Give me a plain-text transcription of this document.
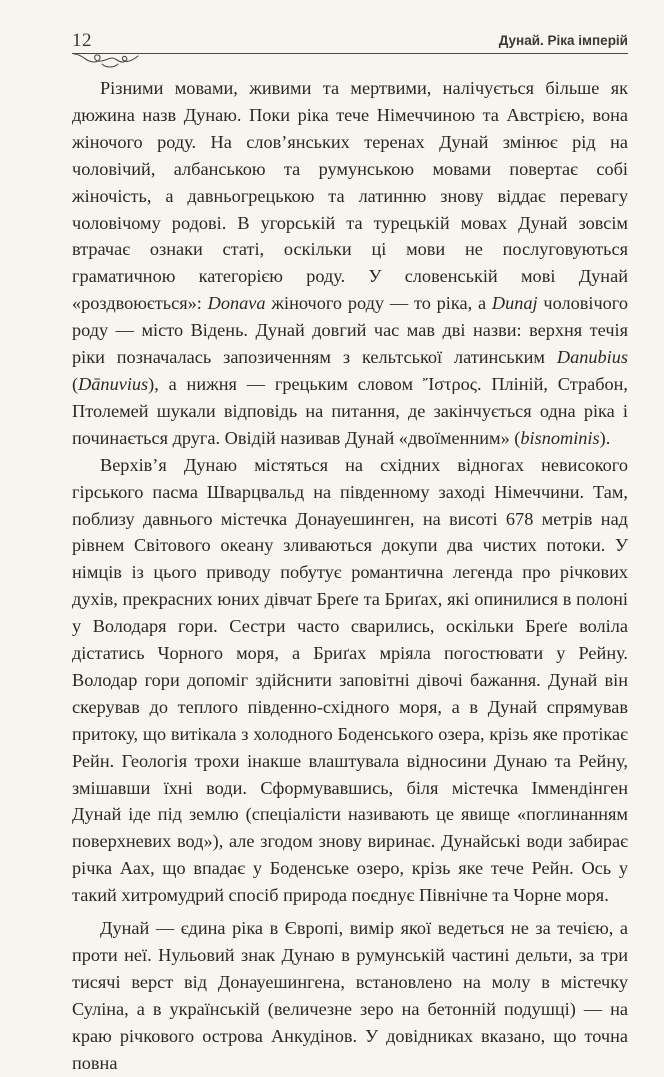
12	Дунай. Ріка імперій

Різними мовами, живими та мертвими, налічується більше як дюжина назв Дунаю. Поки ріка тече Німеччиною та Австрією, вона жіночого роду. На слов’янських теренах Дунай змінює рід на чоловічий, албанською та румунською мовами повертає собі жіночість, а давньогрецькою та латинню знову віддає перевагу чоловічому родові. В угорській та турецькій мовах Дунай зовсім втрачає ознаки статі, оскільки ці мови не послуговуються граматичною категорією роду. У словенській мові Дунай «роздвоюється»: Donava жіночого роду — то ріка, а Dunaj чоловічого роду — місто Відень. Дунай довгий час мав дві назви: верхня течія ріки позначалась запозиченням з кельтської латинським Danubius (Dānuvius), а нижня — грецьким словом Ἴστρος. Пліній, Страбон, Птолемей шукали відповідь на питання, де закінчується одна ріка і починається друга. Овідій називав Дунай «двоїменним» (bisnominis).

Верхів’я Дунаю містяться на східних відногах невисокого гірського пасма Шварцвальд на південному заході Німеччини. Там, поблизу давнього містечка Донауешинген, на висоті 678 метрів над рівнем Світового океану зливаються докупи два чистих потоки. У німців із цього приводу побутує романтична легенда про річкових духів, прекрасних юних дівчат Бреґе та Бриґах, які опинилися в полоні у Володаря гори. Сестри часто сварились, оскільки Бреґе воліла дістатись Чорного моря, а Бриґах мріяла погостювати у Рейну. Володар гори допоміг здійснити заповітні дівочі бажання. Дунай він скерував до теплого південно-східного моря, а в Дунай спрямував притоку, що витікала з холодного Боденського озера, крізь яке протікає Рейн. Геологія трохи інакше влаштувала відносини Дунаю та Рейну, змішавши їхні води. Сформувавшись, біля містечка Іммендінген Дунай іде під землю (спеціалісти називають це явище «поглинанням поверхневих вод»), але згодом знову виринає. Дунайські води забирає річка Аах, що впадає у Боденське озеро, крізь яке тече Рейн. Ось у такий хитромудрий спосіб природа поєднує Північне та Чорне моря.

Дунай — єдина ріка в Європі, вимір якої ведеться не за течією, а проти неї. Нульовий знак Дунаю в румунській частині дельти, за три тисячі верст від Донауешингена, встановлено на молу в містечку Суліна, а в українській (величезне зеро на бетонній подушці) — на краю річкового острова Анкудінов. У довідниках вказано, що точна повна
